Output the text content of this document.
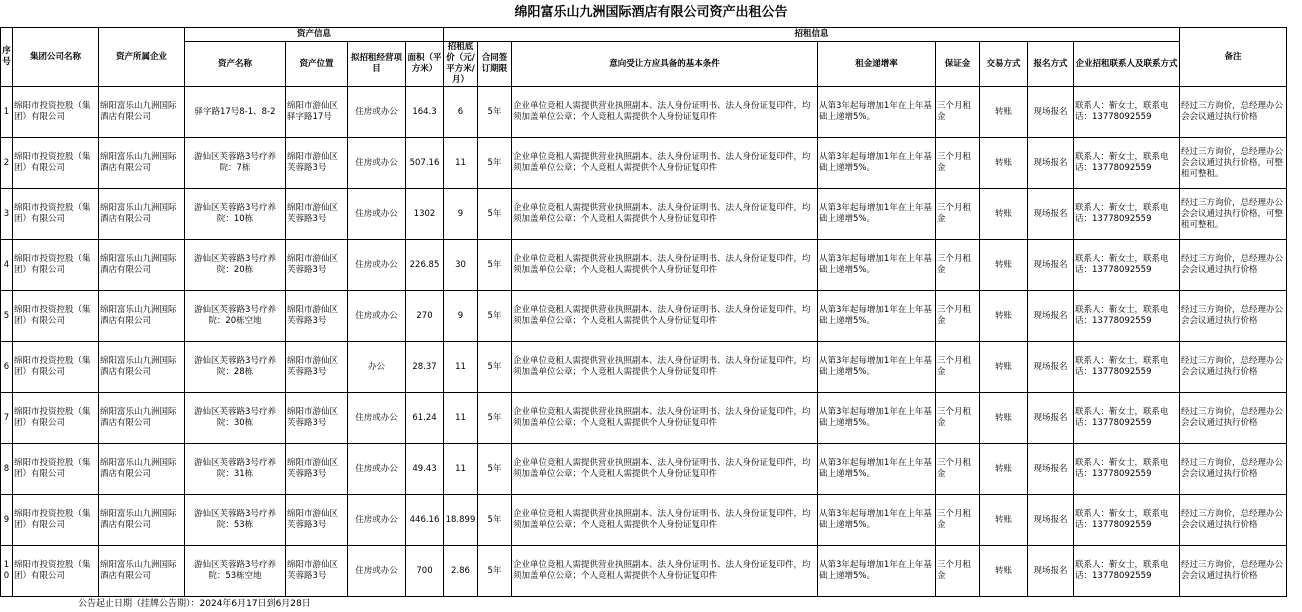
绵阳富乐山九洲国际酒店有限公司资产出租公告
序号	集团公司名称	资产所属企业	资产信息				招租信息								备注
			资产名称	资产位置	拟招租经营项目	面积（平方米）	招租底价（元/平方米/月）	合同签订期限	意向受让方应具备的基本条件	租金递增率	保证金	交易方式	报名方式	企业招租联系人及联系方式	
1	绵阳市投资控股（集团）有限公司	绵阳富乐山九洲国际酒店有限公司	驿字路17号8-1、8-2	绵阳市游仙区驿字路17号	住房或办公	164.3	6	5年	企业单位竞租人需提供营业执照副本、法人身份证明书、法人身份证复印件，均须加盖单位公章；个人竞租人需提供个人身份证复印件	从第3年起每增加1年在上年基础上递增5%。	三个月租金	转账	现场报名	联系人：靳女士，联系电话：13778092559	经过三方询价，总经理办公会会议通过执行价格
2	绵阳市投资控股（集团）有限公司	绵阳富乐山九洲国际酒店有限公司	游仙区芙蓉路3号疗养院：7栋	绵阳市游仙区芙蓉路3号	住房或办公	507.16	11	5年	企业单位竞租人需提供营业执照副本、法人身份证明书、法人身份证复印件，均须加盖单位公章；个人竞租人需提供个人身份证复印件	从第3年起每增加1年在上年基础上递增5%。	三个月租金	转账	现场报名	联系人：靳女士，联系电话：13778092559	经过三方询价，总经理办公会会议通过执行价格，可整租可整租。
3	绵阳市投资控股（集团）有限公司	绵阳富乐山九洲国际酒店有限公司	游仙区芙蓉路3号疗养院：10栋	绵阳市游仙区芙蓉路3号	住房或办公	1302	9	5年	企业单位竞租人需提供营业执照副本、法人身份证明书、法人身份证复印件，均须加盖单位公章；个人竞租人需提供个人身份证复印件	从第3年起每增加1年在上年基础上递增5%。	三个月租金	转账	现场报名	联系人：靳女士，联系电话：13778092559	经过三方询价，总经理办公会会议通过执行价格，可整租可整租。
4	绵阳市投资控股（集团）有限公司	绵阳富乐山九洲国际酒店有限公司	游仙区芙蓉路3号疗养院：20栋	绵阳市游仙区芙蓉路3号	住房或办公	226.85	30	5年	企业单位竞租人需提供营业执照副本、法人身份证明书、法人身份证复印件，均须加盖单位公章；个人竞租人需提供个人身份证复印件	从第3年起每增加1年在上年基础上递增5%。	三个月租金	转账	现场报名	联系人：靳女士，联系电话：13778092559	经过三方询价，总经理办公会会议通过执行价格
5	绵阳市投资控股（集团）有限公司	绵阳富乐山九洲国际酒店有限公司	游仙区芙蓉路3号疗养院：20栋空地	绵阳市游仙区芙蓉路3号	住房或办公	270	9	5年	企业单位竞租人需提供营业执照副本、法人身份证明书、法人身份证复印件，均须加盖单位公章；个人竞租人需提供个人身份证复印件	从第3年起每增加1年在上年基础上递增5%。	三个月租金	转账	现场报名	联系人：靳女士，联系电话：13778092559	经过三方询价，总经理办公会会议通过执行价格
6	绵阳市投资控股（集团）有限公司	绵阳富乐山九洲国际酒店有限公司	游仙区芙蓉路3号疗养院：28栋	绵阳市游仙区芙蓉路3号	办公	28.37	11	5年	企业单位竞租人需提供营业执照副本、法人身份证明书、法人身份证复印件，均须加盖单位公章；个人竞租人需提供个人身份证复印件	从第3年起每增加1年在上年基础上递增5%。	三个月租金	转账	现场报名	联系人：靳女士，联系电话：13778092559	经过三方询价，总经理办公会会议通过执行价格
7	绵阳市投资控股（集团）有限公司	绵阳富乐山九洲国际酒店有限公司	游仙区芙蓉路3号疗养院：30栋	绵阳市游仙区芙蓉路3号	住房或办公	61.24	11	5年	企业单位竞租人需提供营业执照副本、法人身份证明书、法人身份证复印件，均须加盖单位公章；个人竞租人需提供个人身份证复印件	从第3年起每增加1年在上年基础上递增5%。	三个月租金	转账	现场报名	联系人：靳女士，联系电话：13778092559	经过三方询价，总经理办公会会议通过执行价格
8	绵阳市投资控股（集团）有限公司	绵阳富乐山九洲国际酒店有限公司	游仙区芙蓉路3号疗养院：31栋	绵阳市游仙区芙蓉路3号	住房或办公	49.43	11	5年	企业单位竞租人需提供营业执照副本、法人身份证明书、法人身份证复印件，均须加盖单位公章；个人竞租人需提供个人身份证复印件	从第3年起每增加1年在上年基础上递增5%。	三个月租金	转账	现场报名	联系人：靳女士，联系电话：13778092559	经过三方询价，总经理办公会会议通过执行价格
9	绵阳市投资控股（集团）有限公司	绵阳富乐山九洲国际酒店有限公司	游仙区芙蓉路3号疗养院：53栋	绵阳市游仙区芙蓉路3号	住房或办公	446.16	18.899	5年	企业单位竞租人需提供营业执照副本、法人身份证明书、法人身份证复印件，均须加盖单位公章；个人竞租人需提供个人身份证复印件	从第3年起每增加1年在上年基础上递增5%。	三个月租金	转账	现场报名	联系人：靳女士，联系电话：13778092559	经过三方询价，总经理办公会会议通过执行价格
10	绵阳市投资控股（集团）有限公司	绵阳富乐山九洲国际酒店有限公司	游仙区芙蓉路3号疗养院：53栋空地	绵阳市游仙区芙蓉路3号	住房或办公	700	2.86	5年	企业单位竞租人需提供营业执照副本、法人身份证明书、法人身份证复印件，均须加盖单位公章；个人竞租人需提供个人身份证复印件	从第3年起每增加1年在上年基础上递增5%。	三个月租金	转账	现场报名	联系人：靳女士，联系电话：13778092559	经过三方询价，总经理办公会会议通过执行价格
公告起止日期（挂牌公告期）：2024年6月17日到6月28日
